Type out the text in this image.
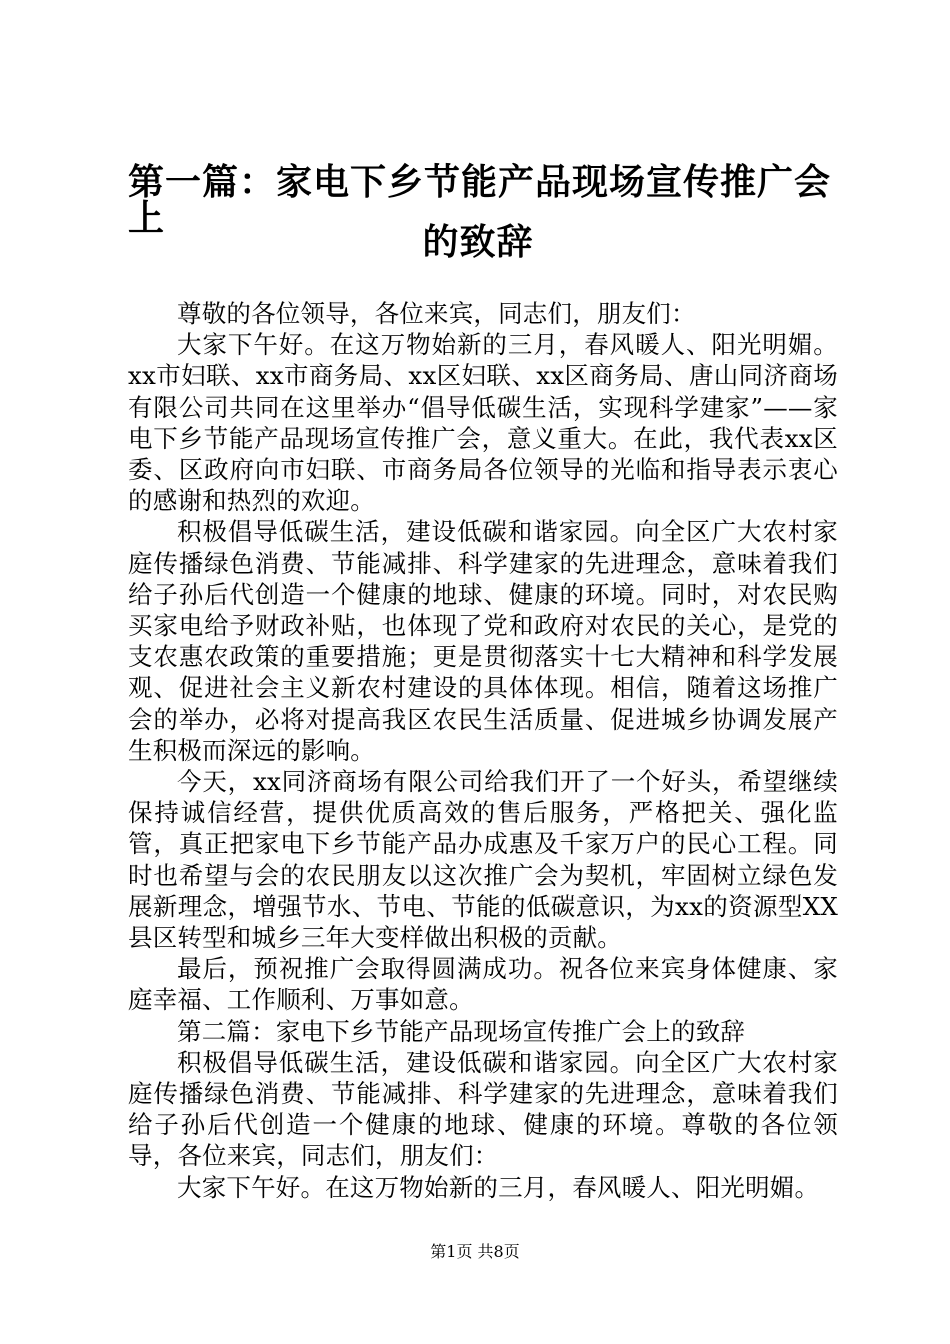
第一篇：家电下乡节能产品现场宣传推广会上
的致辞

尊敬的各位领导，各位来宾，同志们，朋友们：

大家下午好。在这万物始新的三月，春风暖人、阳光明媚。xx市妇联、xx市商务局、xx区妇联、xx区商务局、唐山同济商场有限公司共同在这里举办“倡导低碳生活，实现科学建家”——家电下乡节能产品现场宣传推广会，意义重大。在此，我代表xx区委、区政府向市妇联、市商务局各位领导的光临和指导表示衷心的感谢和热烈的欢迎。

积极倡导低碳生活，建设低碳和谐家园。向全区广大农村家庭传播绿色消费、节能减排、科学建家的先进理念，意味着我们给子孙后代创造一个健康的地球、健康的环境。同时，对农民购买家电给予财政补贴，也体现了党和政府对农民的关心，是党的支农惠农政策的重要措施；更是贯彻落实十七大精神和科学发展观、促进社会主义新农村建设的具体体现。相信，随着这场推广会的举办，必将对提高我区农民生活质量、促进城乡协调发展产生积极而深远的影响。

今天，xx同济商场有限公司给我们开了一个好头，希望继续保持诚信经营，提供优质高效的售后服务，严格把关、强化监管，真正把家电下乡节能产品办成惠及千家万户的民心工程。同时也希望与会的农民朋友以这次推广会为契机，牢固树立绿色发展新理念，增强节水、节电、节能的低碳意识，为xx的资源型XX县区转型和城乡三年大变样做出积极的贡献。

最后，预祝推广会取得圆满成功。祝各位来宾身体健康、家庭幸福、工作顺利、万事如意。

第二篇：家电下乡节能产品现场宣传推广会上的致辞

积极倡导低碳生活，建设低碳和谐家园。向全区广大农村家庭传播绿色消费、节能减排、科学建家的先进理念，意味着我们给子孙后代创造一个健康的地球、健康的环境。尊敬的各位领导，各位来宾，同志们，朋友们：

大家下午好。在这万物始新的三月，春风暖人、阳光明媚。

第1页 共8页
